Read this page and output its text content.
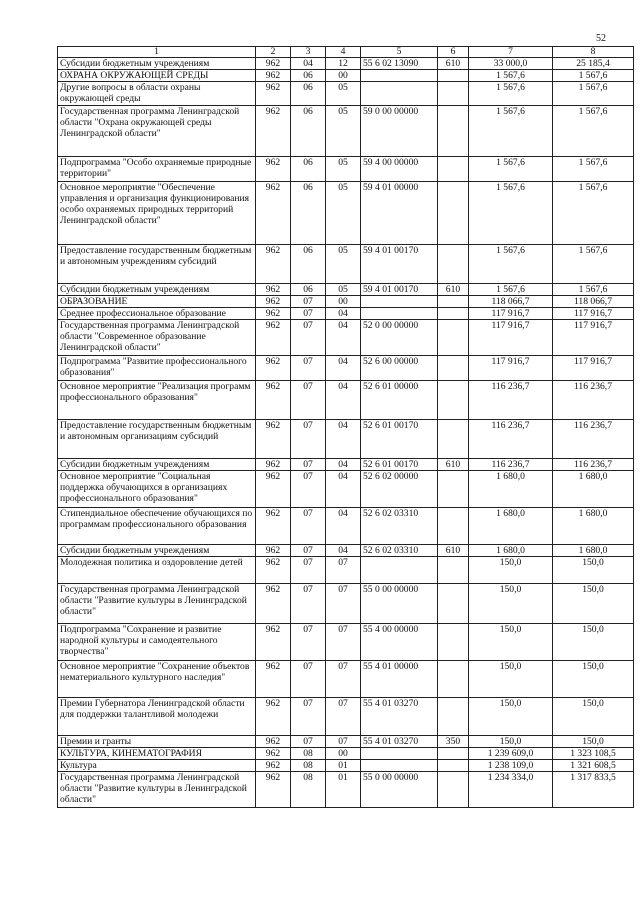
52
1	2	3	4	5	6	7	8
Субсидии бюджетным учреждениям	962	04	12	55 6 02 13090	610	33 000,0	25 185,4
ОХРАНА ОКРУЖАЮЩЕЙ СРЕДЫ	962	06	00			1 567,6	1 567,6
Другие вопросы в области охраны окружающей среды	962	06	05			1 567,6	1 567,6
Государственная программа Ленинградской области "Охрана окружающей среды Ленинградской области"	962	06	05	59 0 00 00000		1 567,6	1 567,6
Подпрограмма "Особо охраняемые природные территории"	962	06	05	59 4 00 00000		1 567,6	1 567,6
Основное мероприятие "Обеспечение управления и организация функционирования особо охраняемых природных территорий Ленинградской области"	962	06	05	59 4 01 00000		1 567,6	1 567,6
Предоставление государственным бюджетным и автономным учреждениям субсидий	962	06	05	59 4 01 00170		1 567,6	1 567,6
Субсидии бюджетным учреждениям	962	06	05	59 4 01 00170	610	1 567,6	1 567,6
ОБРАЗОВАНИЕ	962	07	00			118 066,7	118 066,7
Среднее профессиональное образование	962	07	04			117 916,7	117 916,7
Государственная программа Ленинградской области "Современное образование Ленинградской области"	962	07	04	52 0 00 00000		117 916,7	117 916,7
Подпрограмма "Развитие профессионального образования"	962	07	04	52 6 00 00000		117 916,7	117 916,7
Основное мероприятие "Реализация программ профессионального образования"	962	07	04	52 6 01 00000		116 236,7	116 236,7
Предоставление государственным бюджетным и автономным организациям субсидий	962	07	04	52 6 01 00170		116 236,7	116 236,7
Субсидии бюджетным учреждениям	962	07	04	52 6 01 00170	610	116 236,7	116 236,7
Основное мероприятие "Социальная поддержка обучающихся в организациях профессионального образования"	962	07	04	52 6 02 00000		1 680,0	1 680,0
Стипендиальное обеспечение обучающихся по программам профессионального образования	962	07	04	52 6 02 03310		1 680,0	1 680,0
Субсидии бюджетным учреждениям	962	07	04	52 6 02 03310	610	1 680,0	1 680,0
Молодежная политика и оздоровление детей	962	07	07			150,0	150,0
Государственная программа Ленинградской области "Развитие культуры в Ленинградской области"	962	07	07	55 0 00 00000		150,0	150,0
Подпрограмма "Сохранение и развитие народной культуры и самодеятельного творчества"	962	07	07	55 4 00 00000		150,0	150,0
Основное мероприятие "Сохранение объектов нематериального культурного наследия"	962	07	07	55 4 01 00000		150,0	150,0
Премии Губернатора Ленинградской области для поддержки талантливой молодежи	962	07	07	55 4 01 03270		150,0	150,0
Премии и гранты	962	07	07	55 4 01 03270	350	150,0	150,0
КУЛЬТУРА, КИНЕМАТОГРАФИЯ	962	08	00			1 239 609,0	1 323 108,5
Культура	962	08	01			1 238 109,0	1 321 608,5
Государственная программа Ленинградской области "Развитие культуры в Ленинградской области"	962	08	01	55 0 00 00000		1 234 334,0	1 317 833,5
